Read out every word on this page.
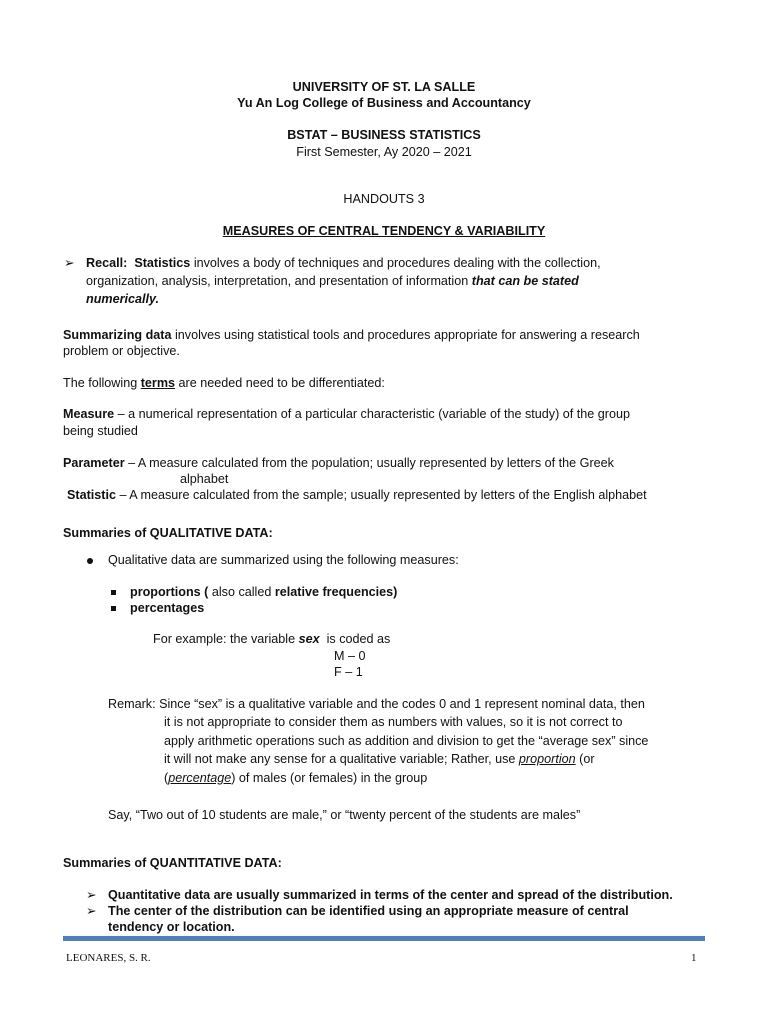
UNIVERSITY OF ST. LA SALLE
Yu An Log College of Business and Accountancy
BSTAT – BUSINESS STATISTICS
First Semester, Ay 2020 – 2021
HANDOUTS 3
MEASURES OF CENTRAL TENDENCY & VARIABILITY
➢ Recall: Statistics involves a body of techniques and procedures dealing with the collection,
organization, analysis, interpretation, and presentation of information that can be stated
numerically.
Summarizing data involves using statistical tools and procedures appropriate for answering a research
problem or objective.
The following terms are needed need to be differentiated:
Measure – a numerical representation of a particular characteristic (variable of the study) of the group
being studied
Parameter – A measure calculated from the population; usually represented by letters of the Greek
alphabet
Statistic – A measure calculated from the sample; usually represented by letters of the English alphabet
Summaries of QUALITATIVE DATA:
Qualitative data are summarized using the following measures:
proportions ( also called relative frequencies)
percentages
For example: the variable sex is coded as
M – 0
F – 1
Remark: Since “sex” is a qualitative variable and the codes 0 and 1 represent nominal data, then
it is not appropriate to consider them as numbers with values, so it is not correct to
apply arithmetic operations such as addition and division to get the “average sex” since
it will not make any sense for a qualitative variable; Rather, use proportion (or
(percentage) of males (or females) in the group
Say, “Two out of 10 students are male,” or “twenty percent of the students are males”
Summaries of QUANTITATIVE DATA:
➢ Quantitative data are usually summarized in terms of the center and spread of the distribution.
➢ The center of the distribution can be identified using an appropriate measure of central
tendency or location.
LEONARES, S. R.	1
